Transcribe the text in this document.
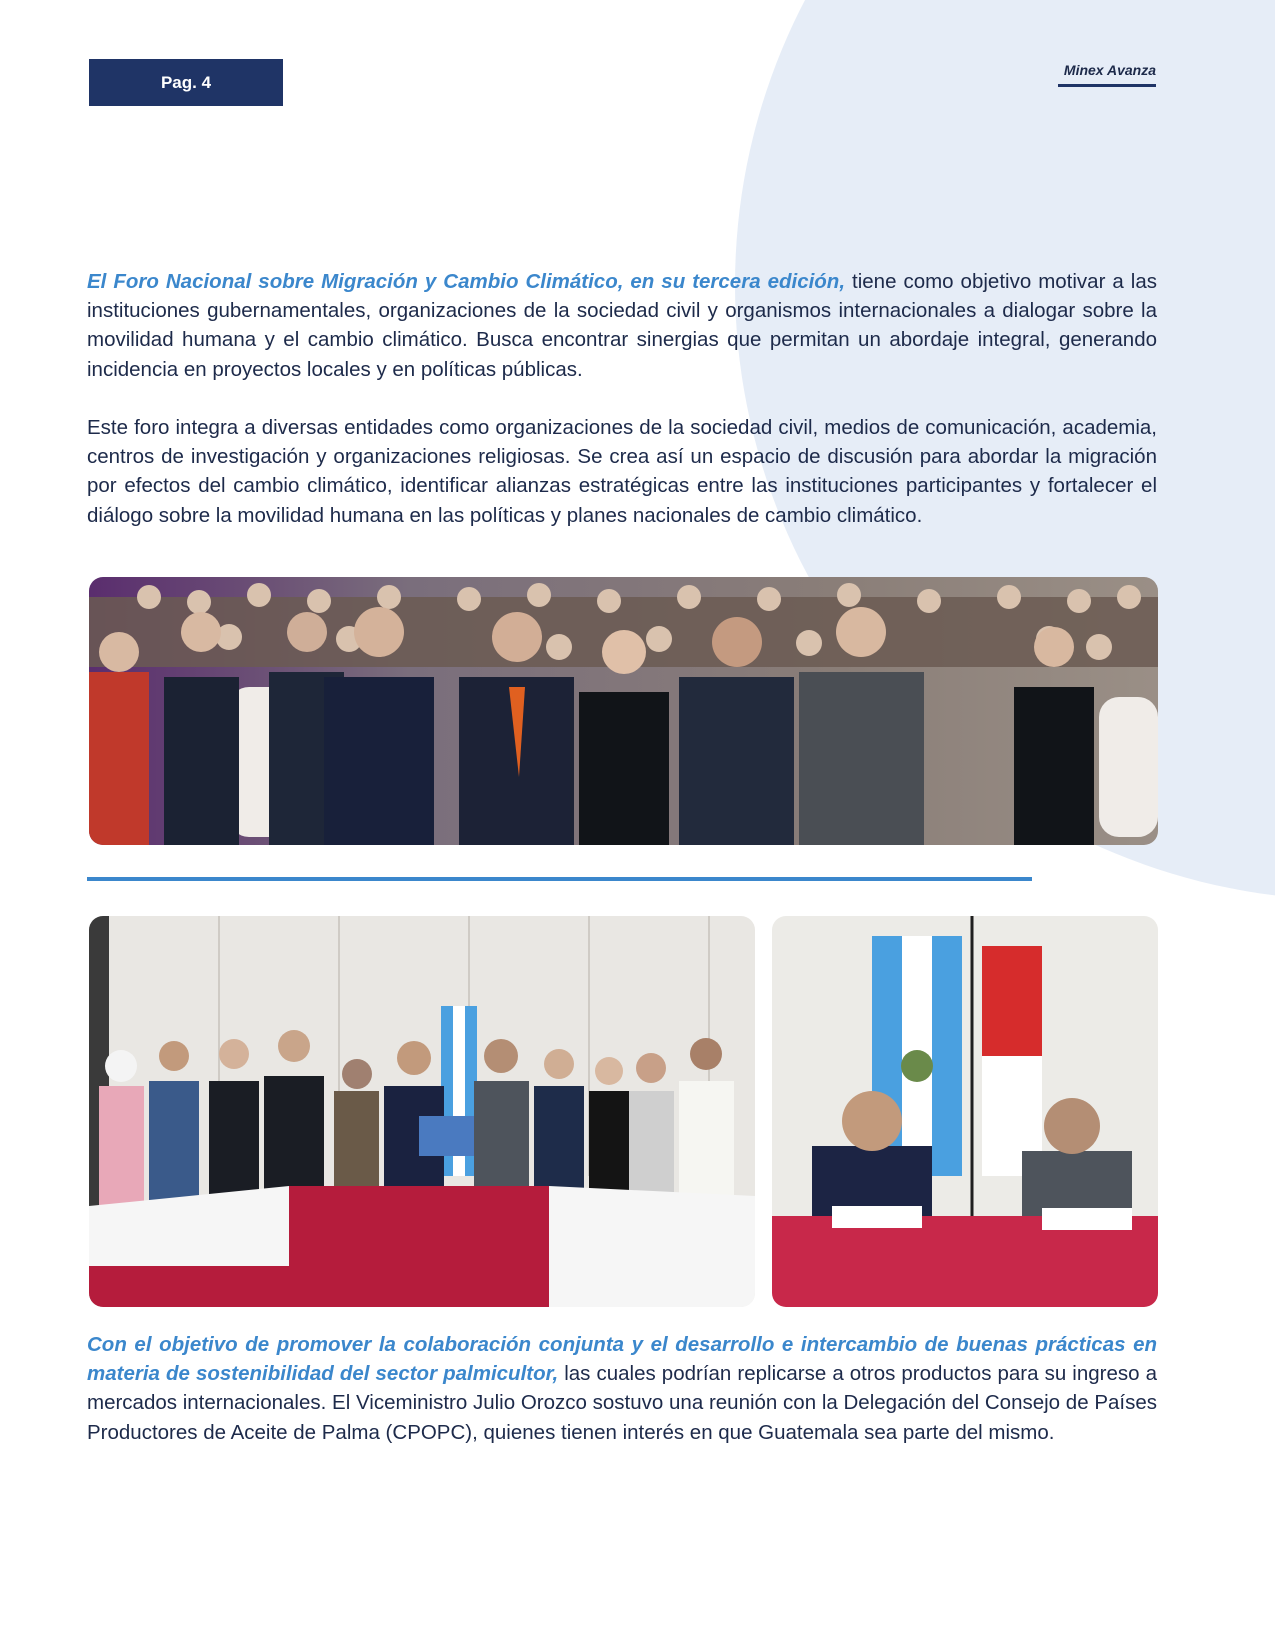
Pag. 4
Minex Avanza

El Foro Nacional sobre Migración y Cambio Climático, en su tercera edición, tiene como objetivo motivar a las instituciones gubernamentales, organizaciones de la sociedad civil y organismos internacionales a dialogar sobre la movilidad humana y el cambio climático. Busca encontrar sinergias que permitan un abordaje integral, generando incidencia en proyectos locales y en políticas públicas.

Este foro integra a diversas entidades como organizaciones de la sociedad civil, medios de comunicación, academia, centros de investigación y organizaciones religiosas. Se crea así un espacio de discusión para abordar la migración por efectos del cambio climático, identificar alianzas estratégicas entre las instituciones participantes y fortalecer el diálogo sobre la movilidad humana en las políticas y planes nacionales de cambio climático.

Con el objetivo de promover la colaboración conjunta y el desarrollo e intercambio de buenas prácticas en materia de sostenibilidad del sector palmicultor, las cuales podrían replicarse a otros productos para su ingreso a mercados internacionales. El Viceministro Julio Orozco sostuvo una reunión con la Delegación del Consejo de Países Productores de Aceite de Palma (CPOPC), quienes tienen interés en que Guatemala sea parte del mismo.
